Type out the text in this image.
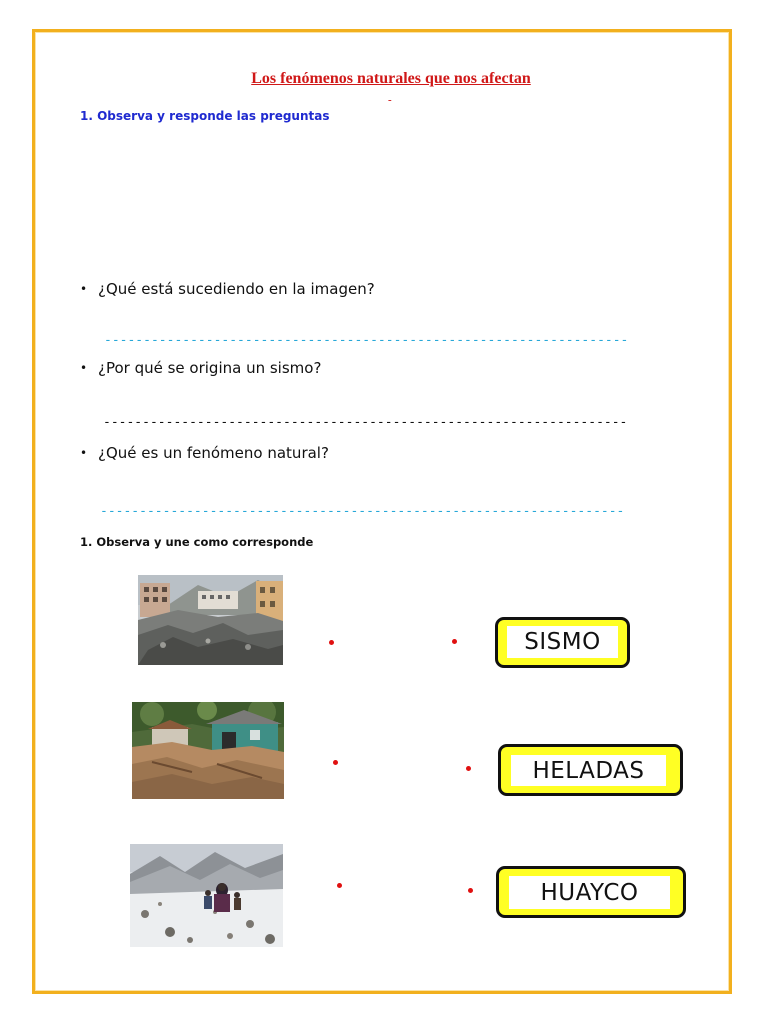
Los fenómenos naturales que nos afectan
-
1. Observa y responde las preguntas
• ¿Qué está sucediendo en la imagen?
-------------------------------------------------------------------
• ¿Por qué se origina un sismo?
-------------------------------------------------------------------
• ¿Qué es un fenómeno natural?
-------------------------------------------------------------------
1. Observa y une como corresponde
SISMO
HELADAS
HUAYCO
